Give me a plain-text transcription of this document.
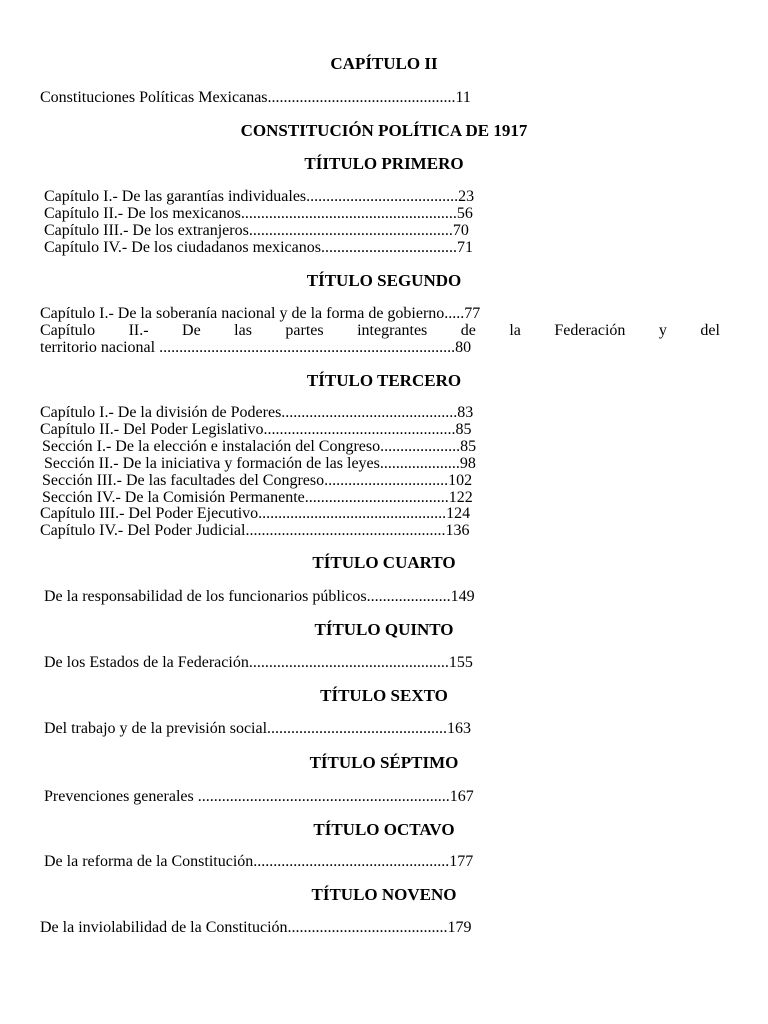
CAPÍTULO II
Constituciones Políticas Mexicanas...............................................11
CONSTITUCIÓN POLÍTICA DE 1917
TÍITULO PRIMERO
Capítulo I.- De las garantías individuales......................................23
Capítulo II.- De los mexicanos......................................................56
Capítulo III.- De los extranjeros...................................................70
Capítulo IV.- De los ciudadanos mexicanos..................................71
TÍTULO SEGUNDO
Capítulo I.- De la soberanía nacional y de la forma de gobierno.....77
Capítulo II.- De las partes integrantes de la Federación y del
territorio nacional ..........................................................................80
TÍTULO TERCERO
Capítulo I.- De la división de Poderes............................................83
Capítulo II.- Del Poder Legislativo................................................85
Sección I.- De la elección e instalación del Congreso....................85
Sección II.- De la iniciativa y formación de las leyes....................98
Sección III.- De las facultades del Congreso...............................102
Sección IV.- De la Comisión Permanente....................................122
Capítulo III.- Del Poder Ejecutivo...............................................124
Capítulo IV.- Del Poder Judicial..................................................136
TÍTULO CUARTO
De la responsabilidad de los funcionarios públicos.....................149
TÍTULO QUINTO
De los Estados de la Federación..................................................155
TÍTULO SEXTO
Del trabajo y de la previsión social.............................................163
TÍTULO SÉPTIMO
Prevenciones generales ...............................................................167
TÍTULO OCTAVO
De la reforma de la Constitución.................................................177
TÍTULO NOVENO
De la inviolabilidad de la Constitución........................................179
